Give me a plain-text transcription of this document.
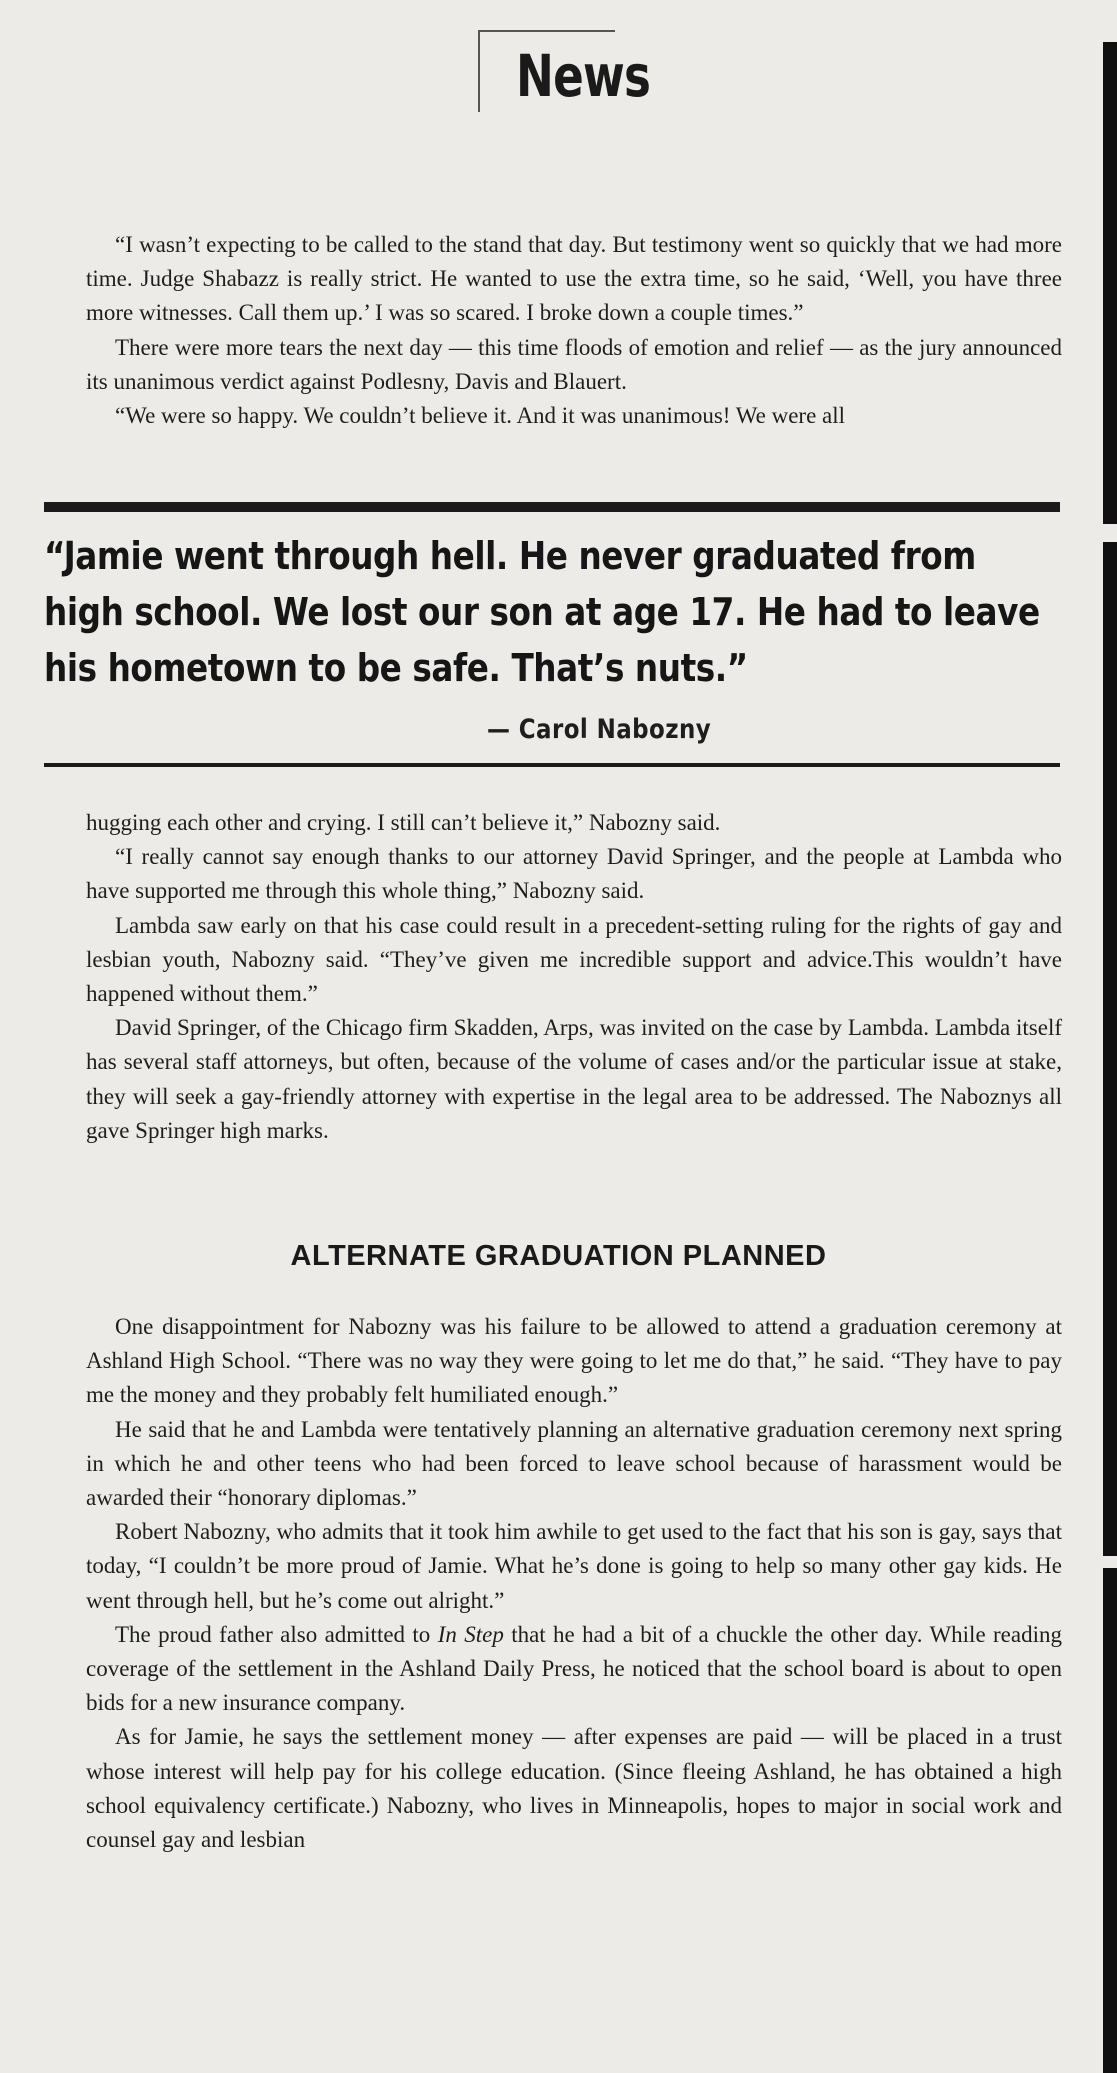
News

“I wasn’t expecting to be called to the stand that day. But testimony went so quickly that we had more time. Judge Shabazz is really strict. He wanted to use the extra time, so he said, ‘Well, you have three more witnesses. Call them up.’ I was so scared. I broke down a couple times.”

There were more tears the next day — this time floods of emotion and relief — as the jury announced its unanimous verdict against Podlesny, Davis and Blauert.

“We were so happy. We couldn’t believe it. And it was unanimous! We were all

“Jamie went through hell. He never graduated from high school. We lost our son at age 17. He had to leave his hometown to be safe. That’s nuts.”
— Carol Nabozny

hugging each other and crying. I still can’t believe it,” Nabozny said.

“I really cannot say enough thanks to our attorney David Springer, and the people at Lambda who have supported me through this whole thing,” Nabozny said.

Lambda saw early on that his case could result in a precedent-setting ruling for the rights of gay and lesbian youth, Nabozny said. “They’ve given me incredible support and advice.This wouldn’t have happened without them.”

David Springer, of the Chicago firm Skadden, Arps, was invited on the case by Lambda. Lambda itself has several staff attorneys, but often, because of the volume of cases and/or the particular issue at stake, they will seek a gay-friendly attorney with expertise in the legal area to be addressed. The Naboznys all gave Springer high marks.

ALTERNATE GRADUATION PLANNED

One disappointment for Nabozny was his failure to be allowed to attend a graduation ceremony at Ashland High School. “There was no way they were going to let me do that,” he said. “They have to pay me the money and they probably felt humiliated enough.”

He said that he and Lambda were tentatively planning an alternative graduation ceremony next spring in which he and other teens who had been forced to leave school because of harassment would be awarded their “honorary diplomas.”

Robert Nabozny, who admits that it took him awhile to get used to the fact that his son is gay, says that today, “I couldn’t be more proud of Jamie. What he’s done is going to help so many other gay kids. He went through hell, but he’s come out alright.”

The proud father also admitted to In Step that he had a bit of a chuckle the other day. While reading coverage of the settlement in the Ashland Daily Press, he noticed that the school board is about to open bids for a new insurance company.

As for Jamie, he says the settlement money — after expenses are paid — will be placed in a trust whose interest will help pay for his college education. (Since fleeing Ashland, he has obtained a high school equivalency certificate.) Nabozny, who lives in Minneapolis, hopes to major in social work and counsel gay and lesbian
